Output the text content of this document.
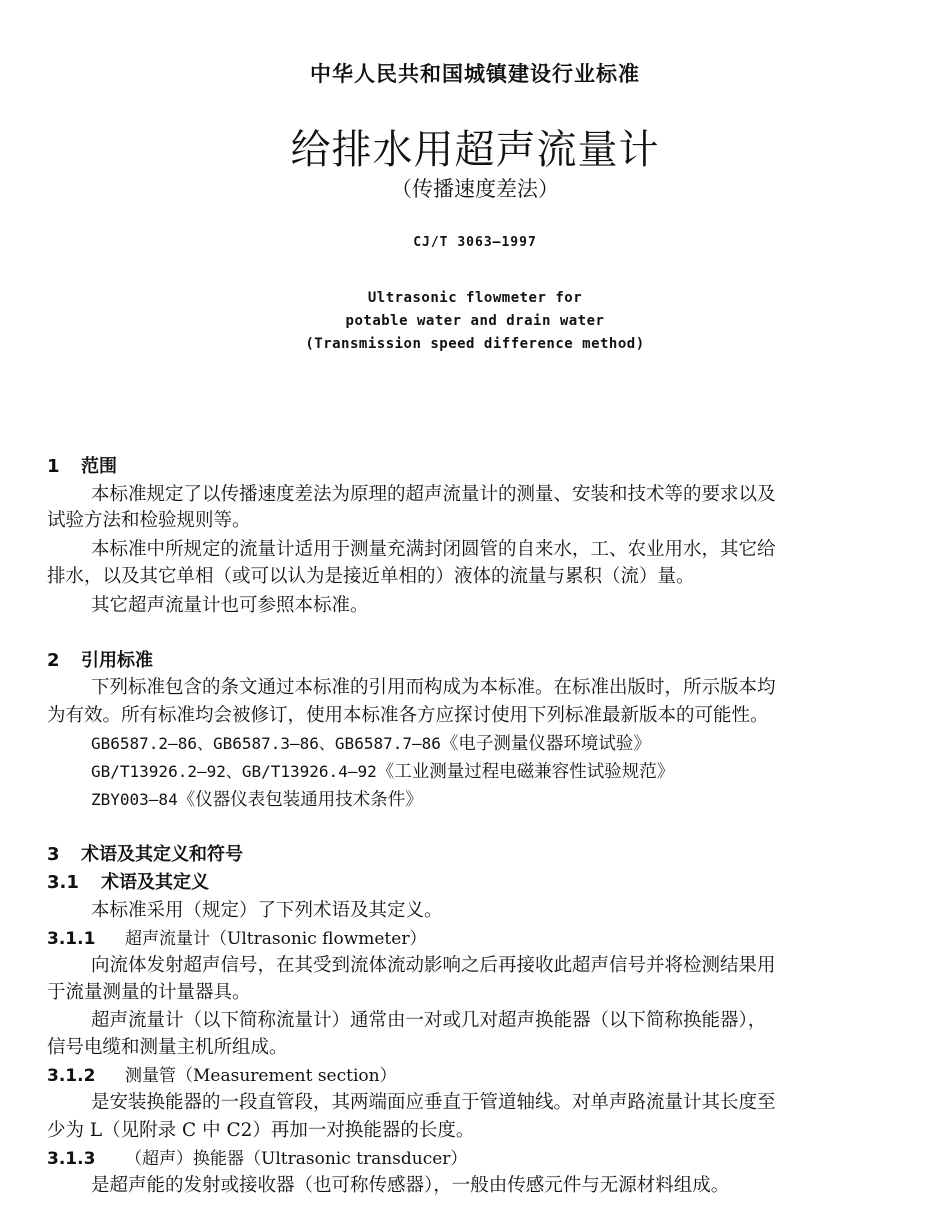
中华人民共和国城镇建设行业标准
给排水用超声流量计
（传播速度差法）
CJ/T 3063—1997
Ultrasonic flowmeter for
potable water and drain water
(Transmission speed difference method)
1 范围
本标准规定了以传播速度差法为原理的超声流量计的测量、安装和技术等的要求以及
试验方法和检验规则等。
本标准中所规定的流量计适用于测量充满封闭圆管的自来水，工、农业用水，其它给
排水，以及其它单相（或可以认为是接近单相的）液体的流量与累积（流）量。
其它超声流量计也可参照本标准。
2 引用标准
下列标准包含的条文通过本标准的引用而构成为本标准。在标准出版时，所示版本均
为有效。所有标准均会被修订，使用本标准各方应探讨使用下列标准最新版本的可能性。
GB6587.2—86、GB6587.3—86、GB6587.7—86《电子测量仪器环境试验》
GB/T13926.2—92、GB/T13926.4—92《工业测量过程电磁兼容性试验规范》
ZBY003—84《仪器仪表包装通用技术条件》
3 术语及其定义和符号
3.1 术语及其定义
本标准采用（规定）了下列术语及其定义。
3.1.1 超声流量计（Ultrasonic flowmeter）
向流体发射超声信号，在其受到流体流动影响之后再接收此超声信号并将检测结果用
于流量测量的计量器具。
超声流量计（以下简称流量计）通常由一对或几对超声换能器（以下简称换能器），
信号电缆和测量主机所组成。
3.1.2 测量管（Measurement section）
是安装换能器的一段直管段，其两端面应垂直于管道轴线。对单声路流量计其长度至
少为 L（见附录 C 中 C2）再加一对换能器的长度。
3.1.3 （超声）换能器（Ultrasonic transducer）
是超声能的发射或接收器（也可称传感器），一般由传感元件与无源材料组成。
